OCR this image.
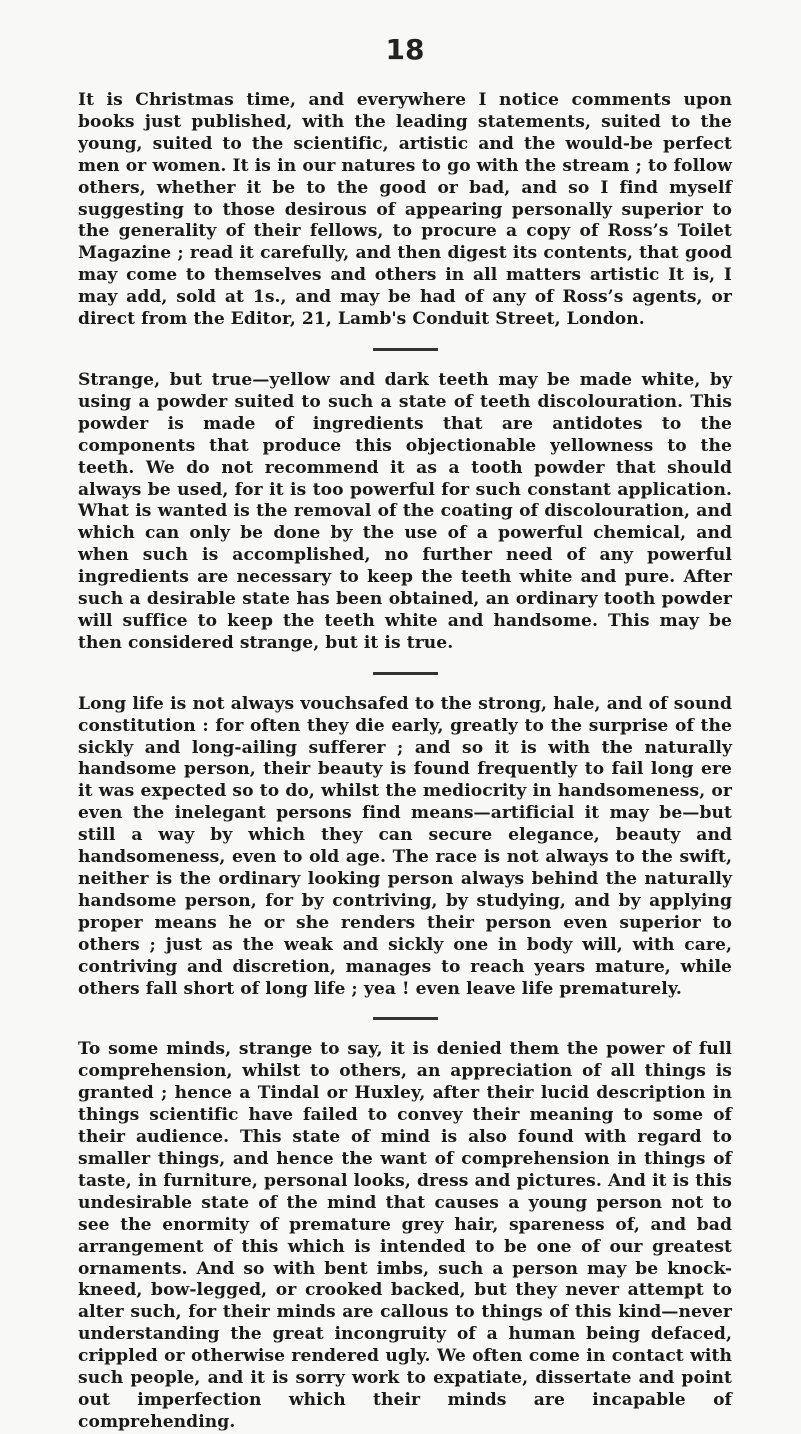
18

It is Christmas time, and everywhere I notice comments upon books just published, with the leading statements, suited to the young, suited to the scientific, artistic and the would-be perfect men or women. It is in our natures to go with the stream ; to follow others, whether it be to the good or bad, and so I find myself suggesting to those desirous of appearing personally superior to the generality of their fellows, to procure a copy of Ross’s Toilet Magazine ; read it carefully, and then digest its contents, that good may come to themselves and others in all matters artistic It is, I may add, sold at 1s., and may be had of any of Ross’s agents, or direct from the Editor, 21, Lamb's Conduit Street, London.

Strange, but true—yellow and dark teeth may be made white, by using a powder suited to such a state of teeth discolouration. This powder is made of ingredients that are antidotes to the components that produce this objectionable yellowness to the teeth. We do not recommend it as a tooth powder that should always be used, for it is too powerful for such constant application. What is wanted is the removal of the coating of discolouration, and which can only be done by the use of a powerful chemical, and when such is accomplished, no further need of any powerful ingredients are necessary to keep the teeth white and pure. After such a desirable state has been obtained, an ordinary tooth powder will suffice to keep the teeth white and handsome. This may be then considered strange, but it is true.

Long life is not always vouchsafed to the strong, hale, and of sound constitution : for often they die early, greatly to the surprise of the sickly and long-ailing sufferer ; and so it is with the naturally handsome person, their beauty is found frequently to fail long ere it was expected so to do, whilst the mediocrity in handsomeness, or even the inelegant persons find means—artificial it may be—but still a way by which they can secure elegance, beauty and handsomeness, even to old age. The race is not always to the swift, neither is the ordinary looking person always behind the naturally handsome person, for by contriving, by studying, and by applying proper means he or she renders their person even superior to others ; just as the weak and sickly one in body will, with care, contriving and discretion, manages to reach years mature, while others fall short of long life ; yea ! even leave life prematurely.

To some minds, strange to say, it is denied them the power of full comprehension, whilst to others, an appreciation of all things is granted ; hence a Tindal or Huxley, after their lucid description in things scientific have failed to convey their meaning to some of their audience. This state of mind is also found with regard to smaller things, and hence the want of comprehension in things of taste, in furniture, personal looks, dress and pictures. And it is this undesirable state of the mind that causes a young person not to see the enormity of premature grey hair, spareness of, and bad arrangement of this which is intended to be one of our greatest ornaments. And so with bent imbs, such a person may be knock-kneed, bow-legged, or crooked backed, but they never attempt to alter such, for their minds are callous to things of this kind—never understanding the great incongruity of a human being defaced, crippled or otherwise rendered ugly. We often come in contact with such people, and it is sorry work to expatiate, dissertate and point out imperfection which their minds are incapable of comprehending.
